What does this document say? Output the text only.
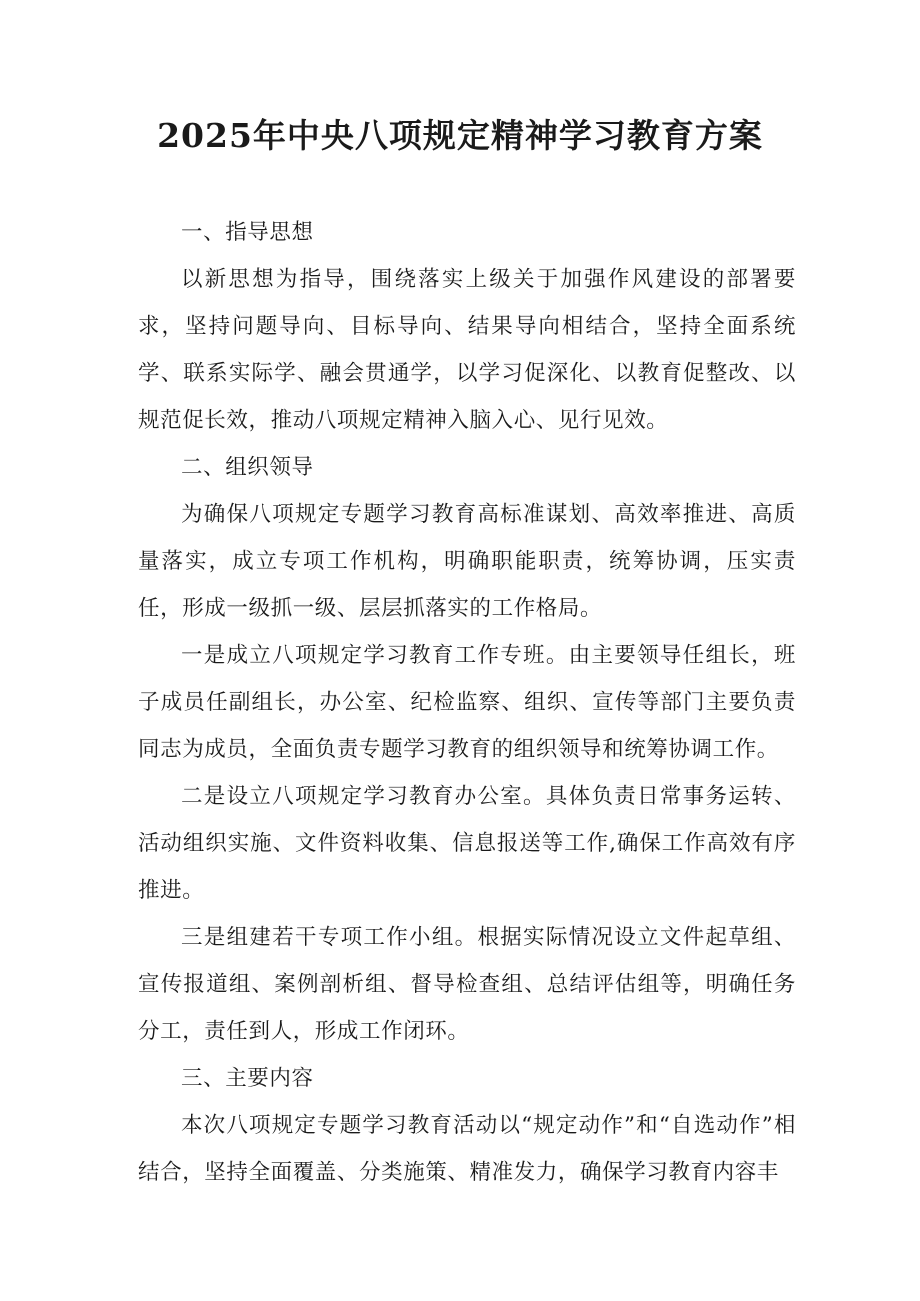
2025年中央八项规定精神学习教育方案

一、指导思想

以新思想为指导，围绕落实上级关于加强作风建设的部署要求，坚持问题导向、目标导向、结果导向相结合，坚持全面系统学、联系实际学、融会贯通学，以学习促深化、以教育促整改、以规范促长效，推动八项规定精神入脑入心、见行见效。

二、组织领导

为确保八项规定专题学习教育高标准谋划、高效率推进、高质量落实，成立专项工作机构，明确职能职责，统筹协调，压实责任，形成一级抓一级、层层抓落实的工作格局。

一是成立八项规定学习教育工作专班。由主要领导任组长，班子成员任副组长，办公室、纪检监察、组织、宣传等部门主要负责同志为成员，全面负责专题学习教育的组织领导和统筹协调工作。

二是设立八项规定学习教育办公室。具体负责日常事务运转、活动组织实施、文件资料收集、信息报送等工作,确保工作高效有序推进。

三是组建若干专项工作小组。根据实际情况设立文件起草组、宣传报道组、案例剖析组、督导检查组、总结评估组等，明确任务分工，责任到人，形成工作闭环。

三、主要内容

本次八项规定专题学习教育活动以“规定动作”和“自选动作”相结合，坚持全面覆盖、分类施策、精准发力，确保学习教育内容丰
